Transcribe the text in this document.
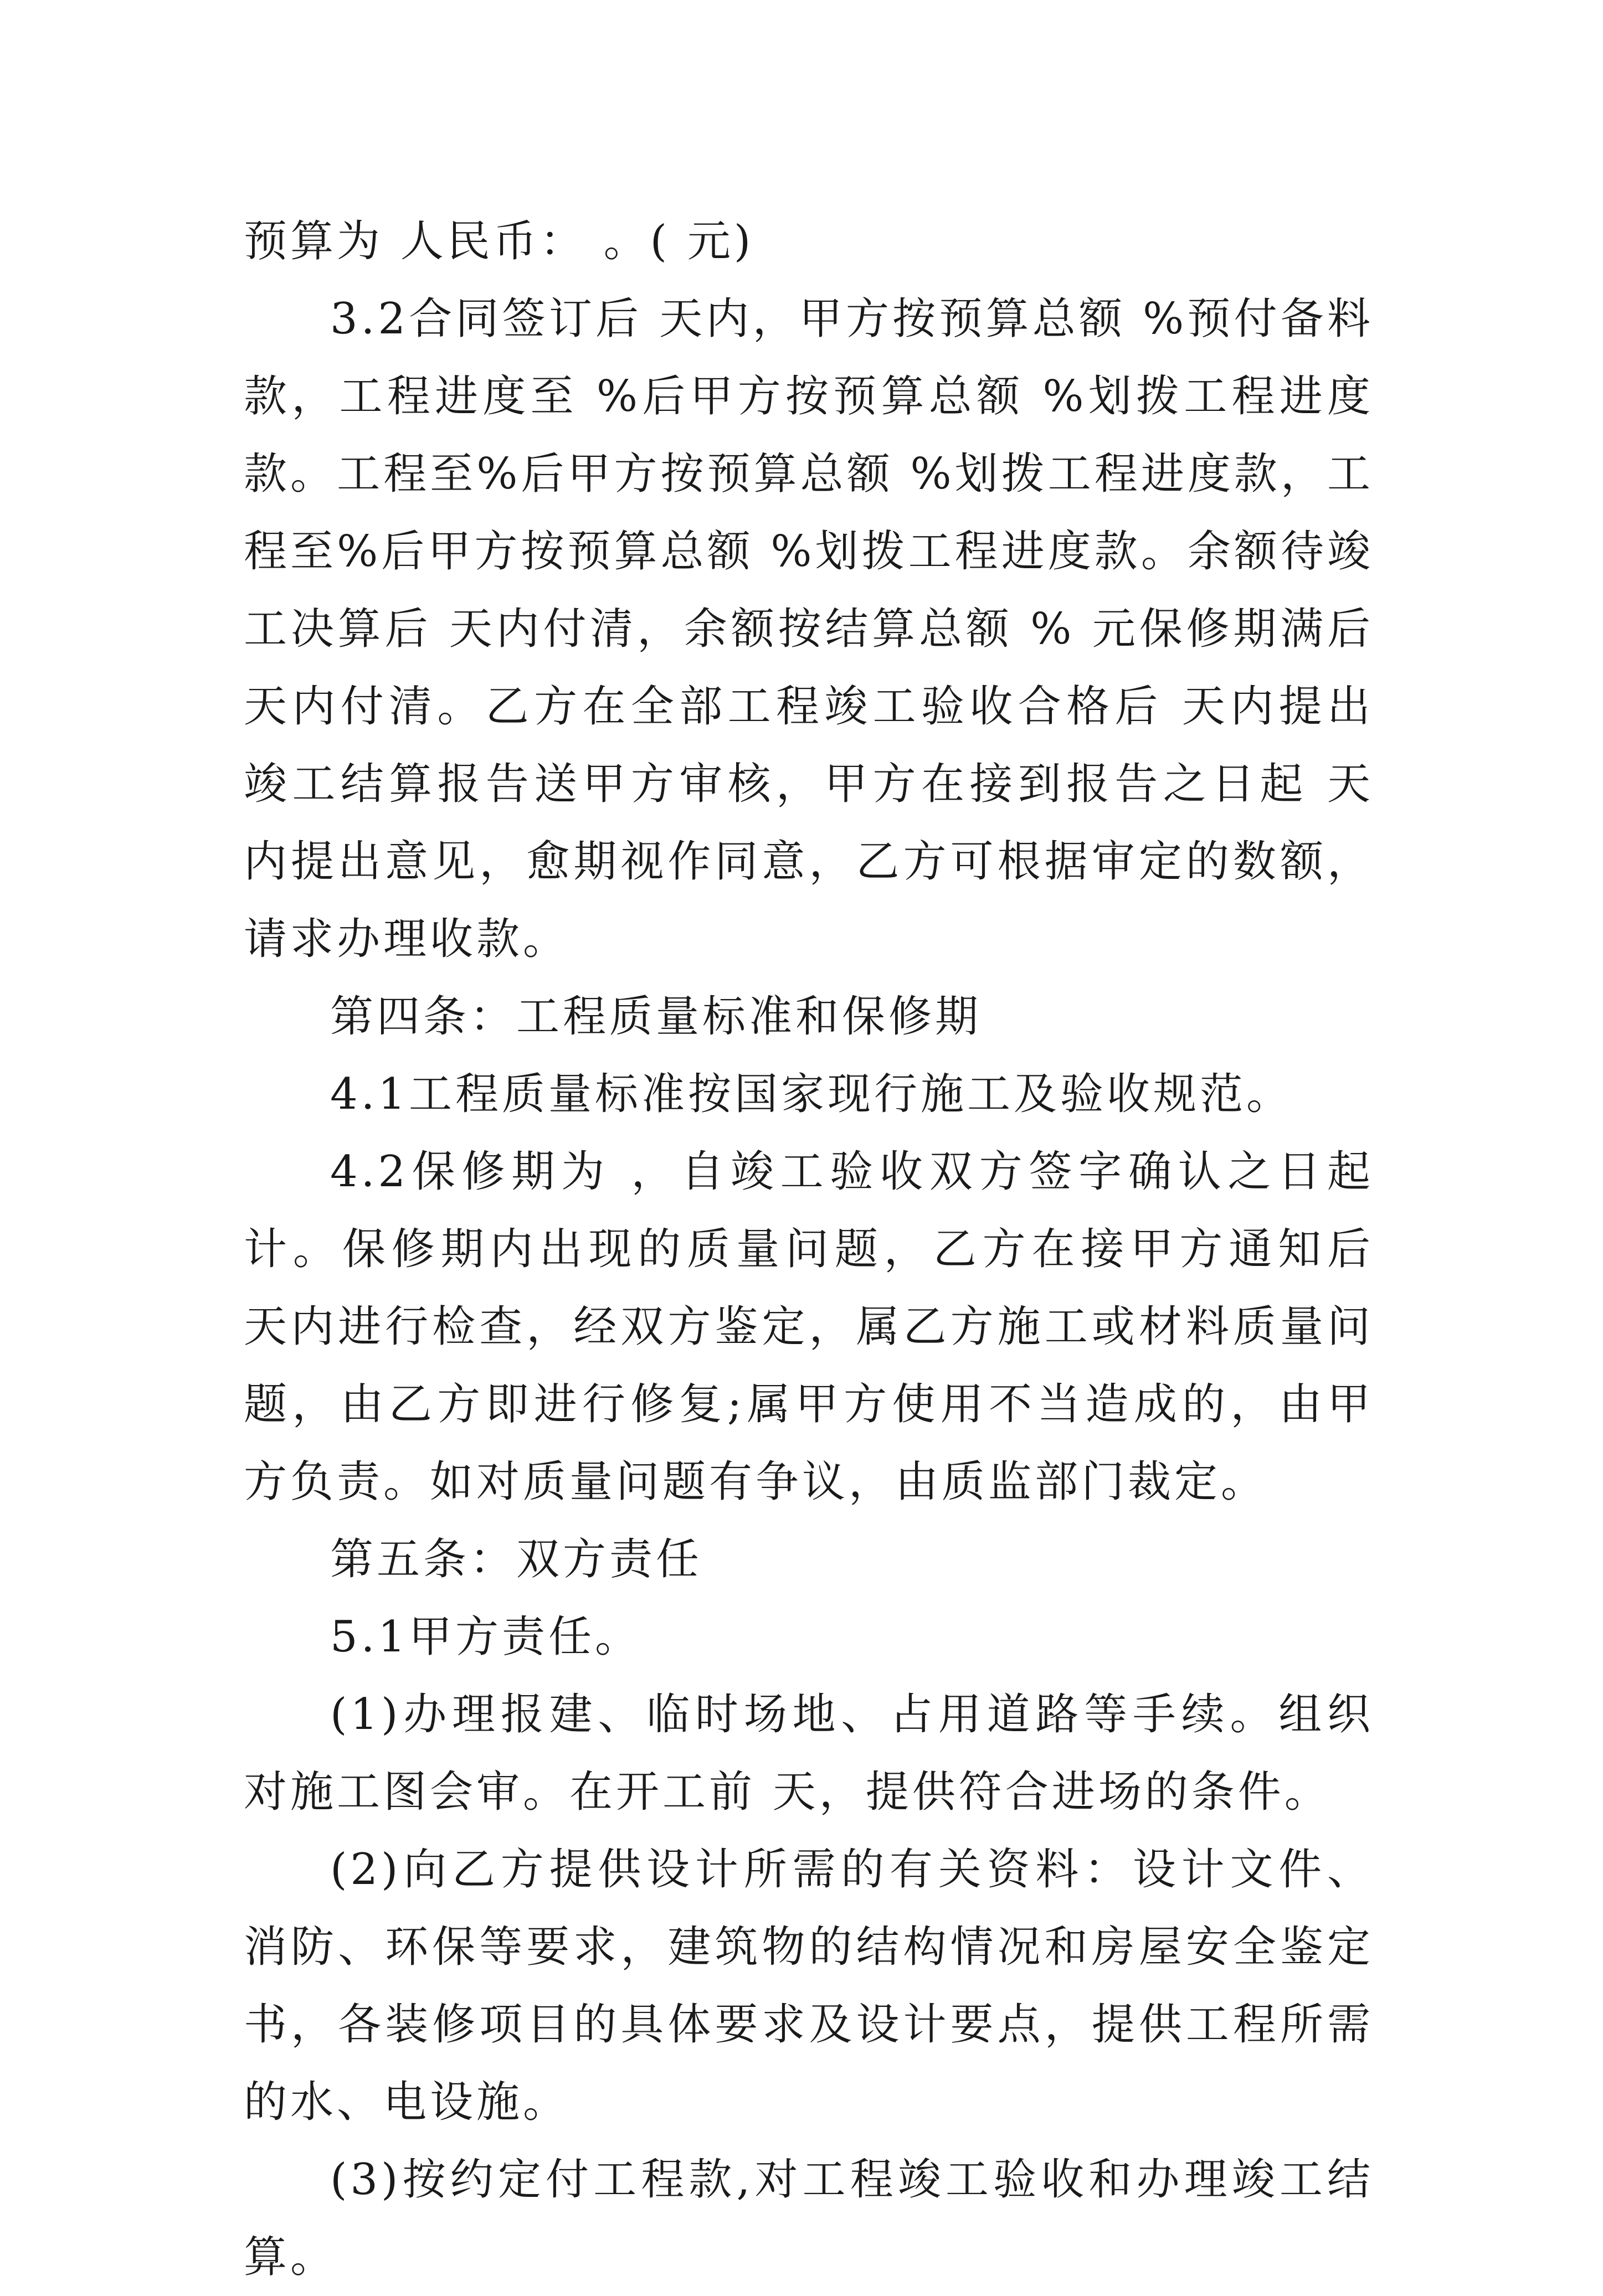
预算为 人民币： 。( 元)

3.2合同签订后 天内，甲方按预算总额 %预付备料款，工程进度至 %后甲方按预算总额 %划拨工程进度款。工程至%后甲方按预算总额 %划拨工程进度款，工程至%后甲方按预算总额 %划拨工程进度款。余额待竣工决算后 天内付清，余额按结算总额 % 元保修期满后 天内付清。乙方在全部工程竣工验收合格后 天内提出竣工结算报告送甲方审核，甲方在接到报告之日起 天内提出意见，愈期视作同意，乙方可根据审定的数额，请求办理收款。

第四条：工程质量标准和保修期

4.1工程质量标准按国家现行施工及验收规范。

4.2保修期为 ，自竣工验收双方签字确认之日起计。保修期内出现的质量问题，乙方在接甲方通知后 天内进行检查，经双方鉴定，属乙方施工或材料质量问题，由乙方即进行修复;属甲方使用不当造成的，由甲方负责。如对质量问题有争议，由质监部门裁定。

第五条：双方责任

5.1甲方责任。

(1)办理报建、临时场地、占用道路等手续。组织对施工图会审。在开工前 天，提供符合进场的条件。

(2)向乙方提供设计所需的有关资料：设计文件、消防、环保等要求，建筑物的结构情况和房屋安全鉴定书，各装修项目的具体要求及设计要点，提供工程所需的水、电设施。

(3)按约定付工程款,对工程竣工验收和办理竣工结算。
